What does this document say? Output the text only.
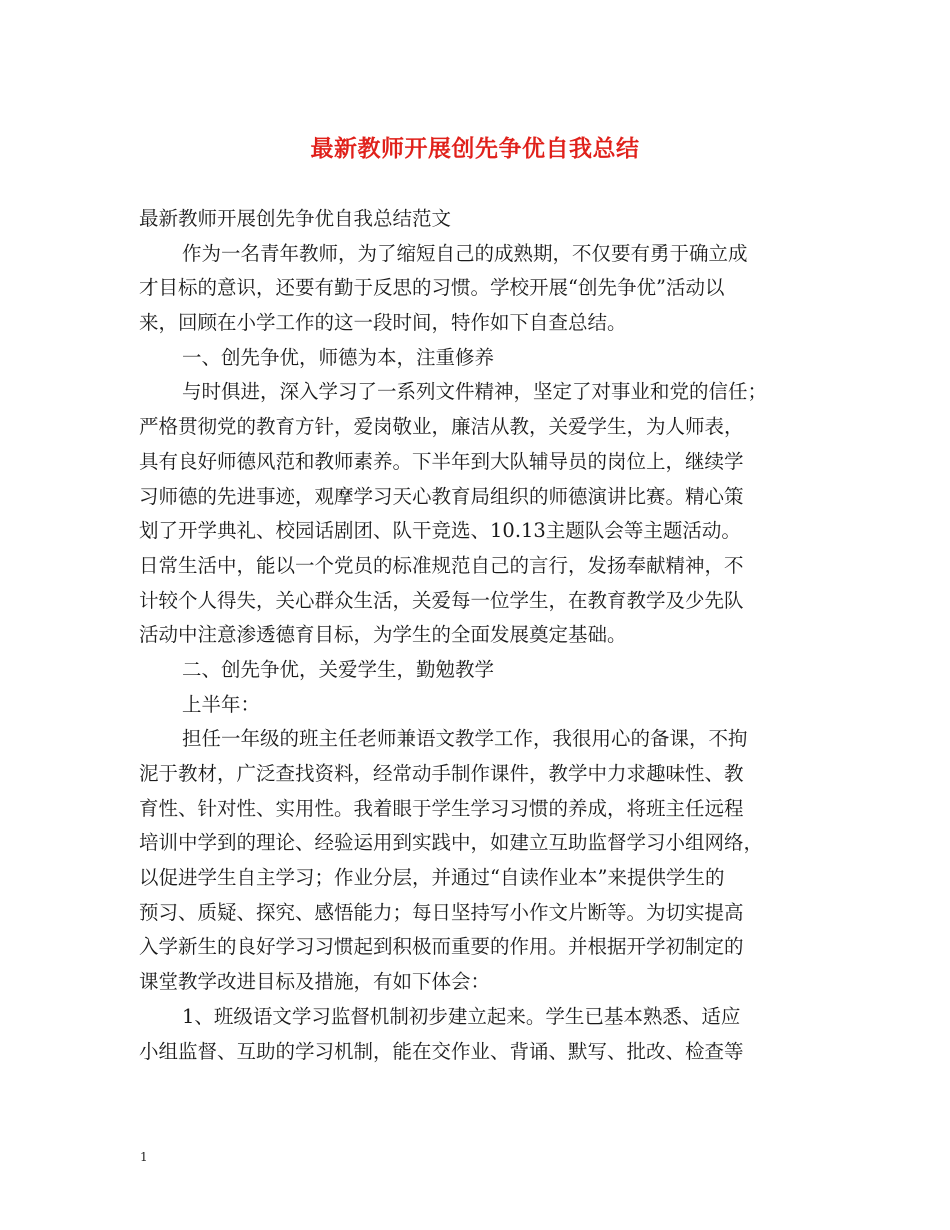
最新教师开展创先争优自我总结
最新教师开展创先争优自我总结范文
作为一名青年教师，为了缩短自己的成熟期，不仅要有勇于确立成
才目标的意识，还要有勤于反思的习惯。学校开展“创先争优”活动以
来，回顾在小学工作的这一段时间，特作如下自查总结。
一、创先争优，师德为本，注重修养
与时俱进，深入学习了一系列文件精神，坚定了对事业和党的信任；
严格贯彻党的教育方针，爱岗敬业，廉洁从教，关爱学生，为人师表，
具有良好师德风范和教师素养。下半年到大队辅导员的岗位上，继续学
习师德的先进事迹，观摩学习天心教育局组织的师德演讲比赛。精心策
划了开学典礼、校园话剧团、队干竞选、10.13主题队会等主题活动。
日常生活中，能以一个党员的标准规范自己的言行，发扬奉献精神，不
计较个人得失，关心群众生活，关爱每一位学生，在教育教学及少先队
活动中注意渗透德育目标，为学生的全面发展奠定基础。
二、创先争优，关爱学生，勤勉教学
上半年：
担任一年级的班主任老师兼语文教学工作，我很用心的备课，不拘
泥于教材，广泛查找资料，经常动手制作课件，教学中力求趣味性、教
育性、针对性、实用性。我着眼于学生学习习惯的养成，将班主任远程
培训中学到的理论、经验运用到实践中，如建立互助监督学习小组网络，
以促进学生自主学习；作业分层，并通过“自读作业本”来提供学生的
预习、质疑、探究、感悟能力；每日坚持写小作文片断等。为切实提高
入学新生的良好学习习惯起到积极而重要的作用。并根据开学初制定的
课堂教学改进目标及措施，有如下体会：
1、班级语文学习监督机制初步建立起来。学生已基本熟悉、适应
小组监督、互助的学习机制，能在交作业、背诵、默写、批改、检查等
1
